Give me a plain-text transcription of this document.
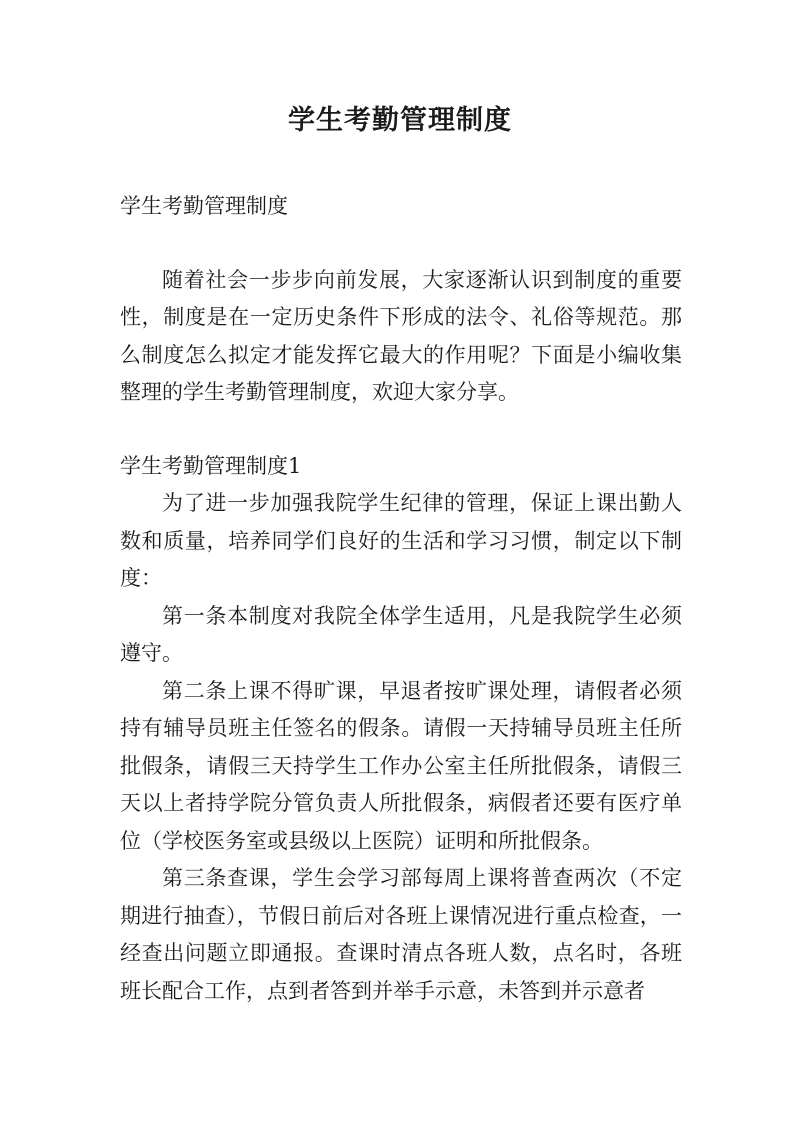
学生考勤管理制度

学生考勤管理制度

随着社会一步步向前发展，大家逐渐认识到制度的重要性，制度是在一定历史条件下形成的法令、礼俗等规范。那么制度怎么拟定才能发挥它最大的作用呢？下面是小编收集整理的学生考勤管理制度，欢迎大家分享。

学生考勤管理制度1

为了进一步加强我院学生纪律的管理，保证上课出勤人数和质量，培养同学们良好的生活和学习习惯，制定以下制度：

第一条本制度对我院全体学生适用，凡是我院学生必须遵守。

第二条上课不得旷课，早退者按旷课处理，请假者必须持有辅导员班主任签名的假条。请假一天持辅导员班主任所批假条，请假三天持学生工作办公室主任所批假条，请假三天以上者持学院分管负责人所批假条，病假者还要有医疗单位（学校医务室或县级以上医院）证明和所批假条。

第三条查课，学生会学习部每周上课将普查两次（不定期进行抽查），节假日前后对各班上课情况进行重点检查，一经查出问题立即通报。查课时清点各班人数，点名时，各班班长配合工作，点到者答到并举手示意，未答到并示意者
